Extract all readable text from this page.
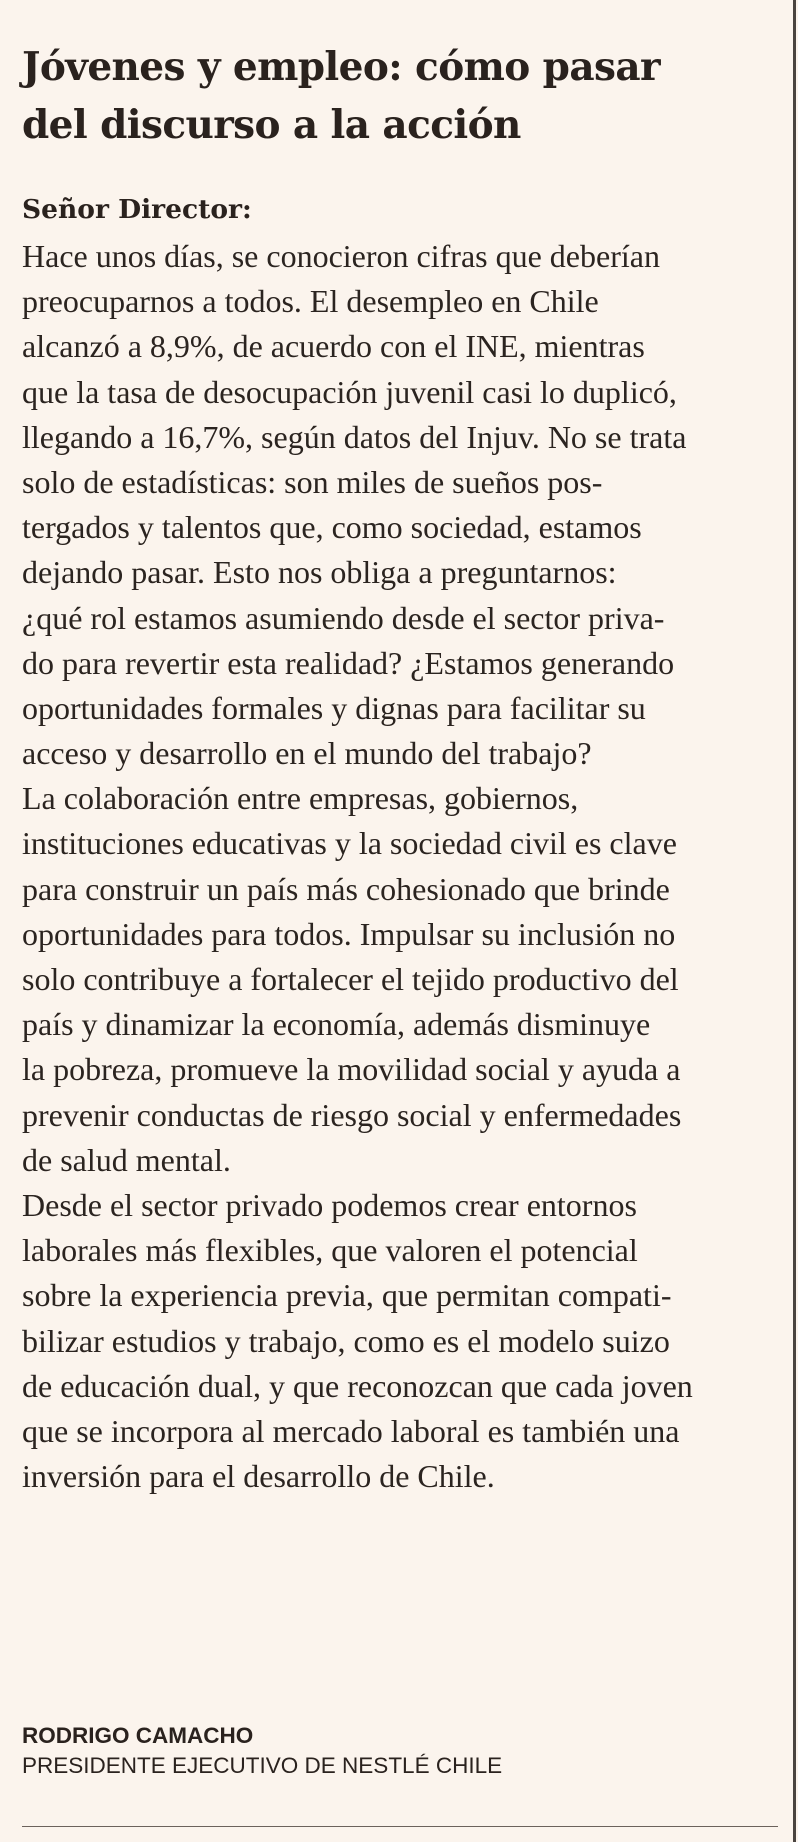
Jóvenes y empleo: cómo pasar
del discurso a la acción
Señor Director:
Hace unos días, se conocieron cifras que deberían
preocuparnos a todos. El desempleo en Chile
alcanzó a 8,9%, de acuerdo con el INE, mientras
que la tasa de desocupación juvenil casi lo duplicó,
llegando a 16,7%, según datos del Injuv. No se trata
solo de estadísticas: son miles de sueños pos-
tergados y talentos que, como sociedad, estamos
dejando pasar. Esto nos obliga a preguntarnos:
¿qué rol estamos asumiendo desde el sector priva-
do para revertir esta realidad? ¿Estamos generando
oportunidades formales y dignas para facilitar su
acceso y desarrollo en el mundo del trabajo?
La colaboración entre empresas, gobiernos,
instituciones educativas y la sociedad civil es clave
para construir un país más cohesionado que brinde
oportunidades para todos. Impulsar su inclusión no
solo contribuye a fortalecer el tejido productivo del
país y dinamizar la economía, además disminuye
la pobreza, promueve la movilidad social y ayuda a
prevenir conductas de riesgo social y enfermedades
de salud mental.
Desde el sector privado podemos crear entornos
laborales más flexibles, que valoren el potencial
sobre la experiencia previa, que permitan compati-
bilizar estudios y trabajo, como es el modelo suizo
de educación dual, y que reconozcan que cada joven
que se incorpora al mercado laboral es también una
inversión para el desarrollo de Chile.
RODRIGO CAMACHO
PRESIDENTE EJECUTIVO DE NESTLÉ CHILE
